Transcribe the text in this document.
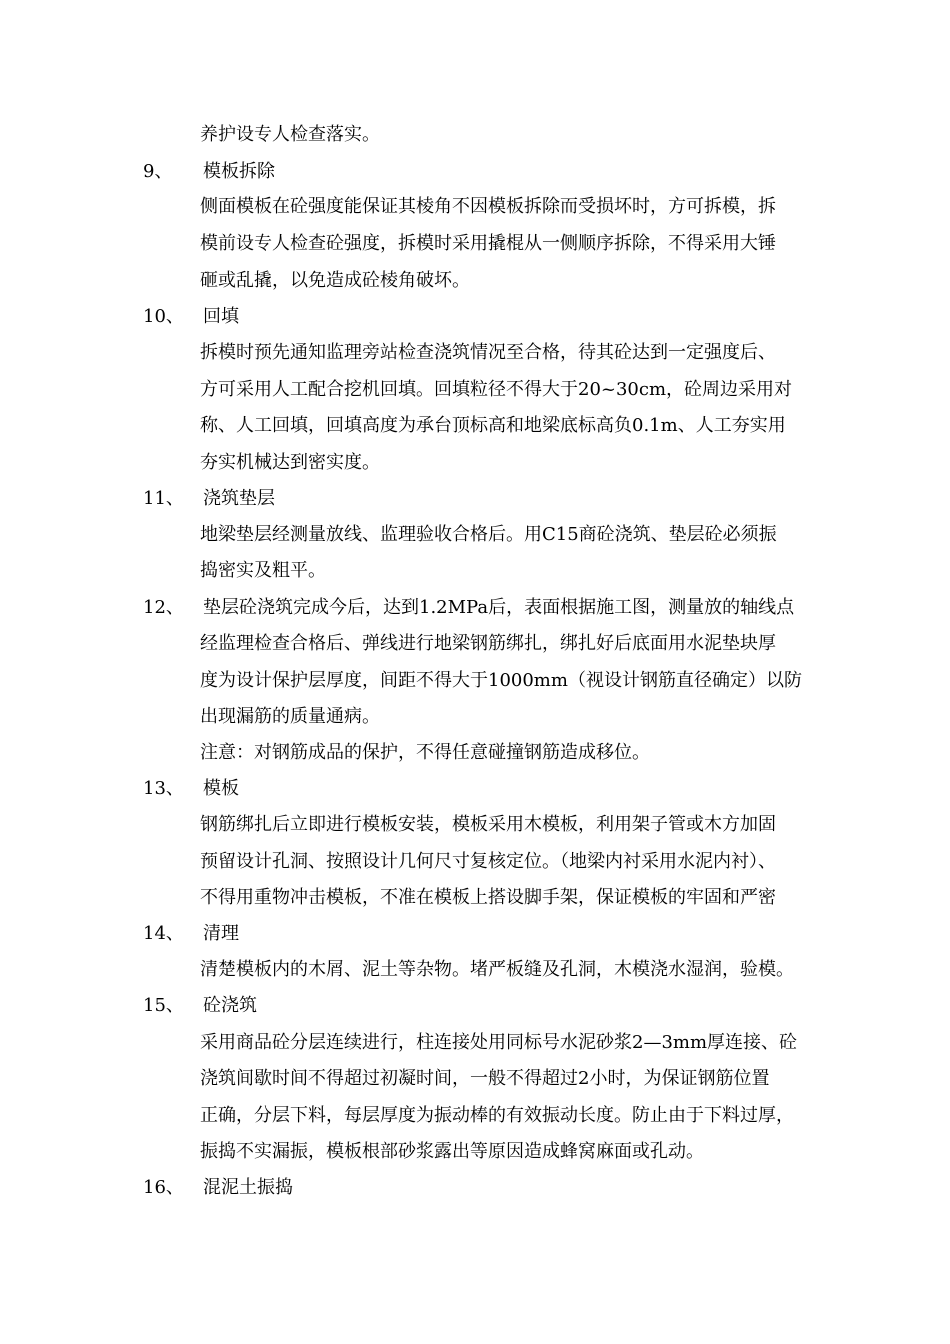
养护设专人检查落实。
9、 模板拆除
侧面模板在砼强度能保证其棱角不因模板拆除而受损坏时，方可拆模，拆
模前设专人检查砼强度，拆模时采用撬棍从一侧顺序拆除，不得采用大锤
砸或乱撬，以免造成砼棱角破坏。
10、 回填
拆模时预先通知监理旁站检查浇筑情况至合格，待其砼达到一定强度后、
方可采用人工配合挖机回填。回填粒径不得大于20~30cm，砼周边采用对
称、人工回填，回填高度为承台顶标高和地梁底标高负0.1m、人工夯实用
夯实机械达到密实度。
11、 浇筑垫层
地梁垫层经测量放线、监理验收合格后。用C15商砼浇筑、垫层砼必须振
捣密实及粗平。
12、 垫层砼浇筑完成今后，达到1.2MPa后，表面根据施工图，测量放的轴线点
经监理检查合格后、弹线进行地梁钢筋绑扎，绑扎好后底面用水泥垫块厚
度为设计保护层厚度，间距不得大于1000mm（视设计钢筋直径确定）以防
出现漏筋的质量通病。
注意：对钢筋成品的保护，不得任意碰撞钢筋造成移位。
13、 模板
钢筋绑扎后立即进行模板安装，模板采用木模板，利用架子管或木方加固
预留设计孔洞、按照设计几何尺寸复核定位。（地梁内衬采用水泥内衬）、
不得用重物冲击模板，不准在模板上搭设脚手架，保证模板的牢固和严密
14、 清理
清楚模板内的木屑、泥土等杂物。堵严板缝及孔洞，木模浇水湿润，验模。
15、 砼浇筑
采用商品砼分层连续进行，柱连接处用同标号水泥砂浆2—3mm厚连接、砼
浇筑间歇时间不得超过初凝时间，一般不得超过2小时，为保证钢筋位置
正确，分层下料，每层厚度为振动棒的有效振动长度。防止由于下料过厚，
振捣不实漏振，模板根部砂浆露出等原因造成蜂窝麻面或孔动。
16、 混泥土振捣
